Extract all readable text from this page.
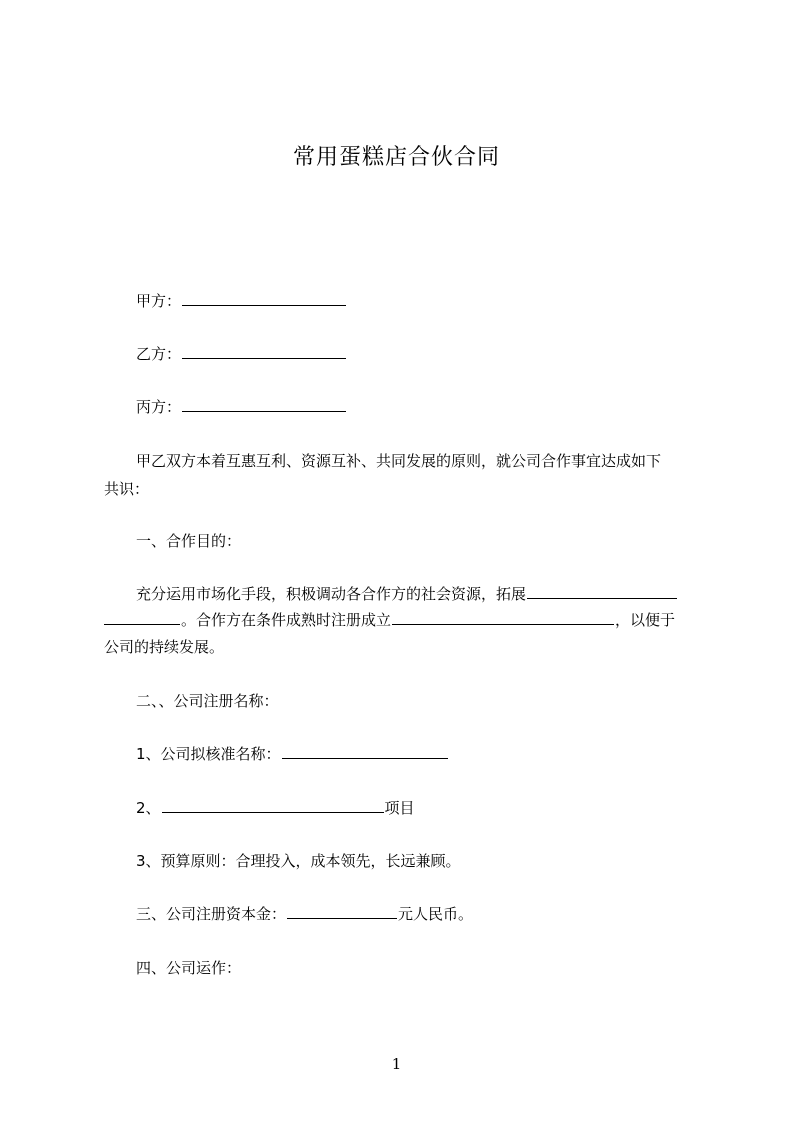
常用蛋糕店合伙合同
甲方：
乙方：
丙方：
甲乙双方本着互惠互利、资源互补、共同发展的原则，就公司合作事宜达成如下
共识：
一、合作目的：
充分运用市场化手段，积极调动各合作方的社会资源，拓展
。合作方在条件成熟时注册成立	，以便于
公司的持续发展。
二、、公司注册名称：
1、公司拟核准名称：
2、	项目
3、预算原则：合理投入，成本领先，长远兼顾。
三、公司注册资本金：	元人民币。
四、公司运作：
1
